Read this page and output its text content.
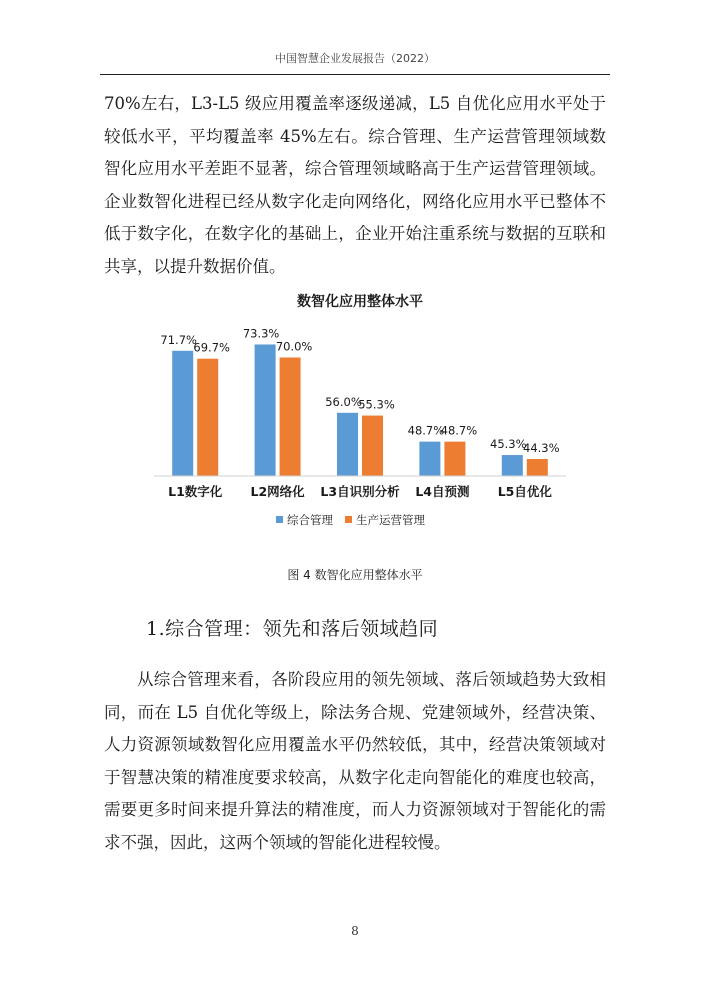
中国智慧企业发展报告（2022）

70%左右，L3-L5 级应用覆盖率逐级递减，L5 自优化应用水平处于较低水平，平均覆盖率 45%左右。综合管理、生产运营管理领域数智化应用水平差距不显著，综合管理领域略高于生产运营管理领域。企业数智化进程已经从数字化走向网络化，网络化应用水平已整体不低于数字化，在数字化的基础上，企业开始注重系统与数据的互联和共享，以提升数据价值。

数智化应用整体水平
71.7%
69.7%
73.3%
70.0%
56.0%
55.3%
48.7%
48.7%
45.3%
44.3%
L1数字化 L2网络化 L3自识别分析 L4自预测 L5自优化
综合管理 生产运营管理
图 4 数智化应用整体水平
1.综合管理：领先和落后领域趋同

从综合管理来看，各阶段应用的领先领域、落后领域趋势大致相同，而在 L5 自优化等级上，除法务合规、党建领域外，经营决策、人力资源领域数智化应用覆盖水平仍然较低，其中，经营决策领域对于智慧决策的精准度要求较高，从数字化走向智能化的难度也较高，需要更多时间来提升算法的精准度，而人力资源领域对于智能化的需求不强，因此，这两个领域的智能化进程较慢。

8
